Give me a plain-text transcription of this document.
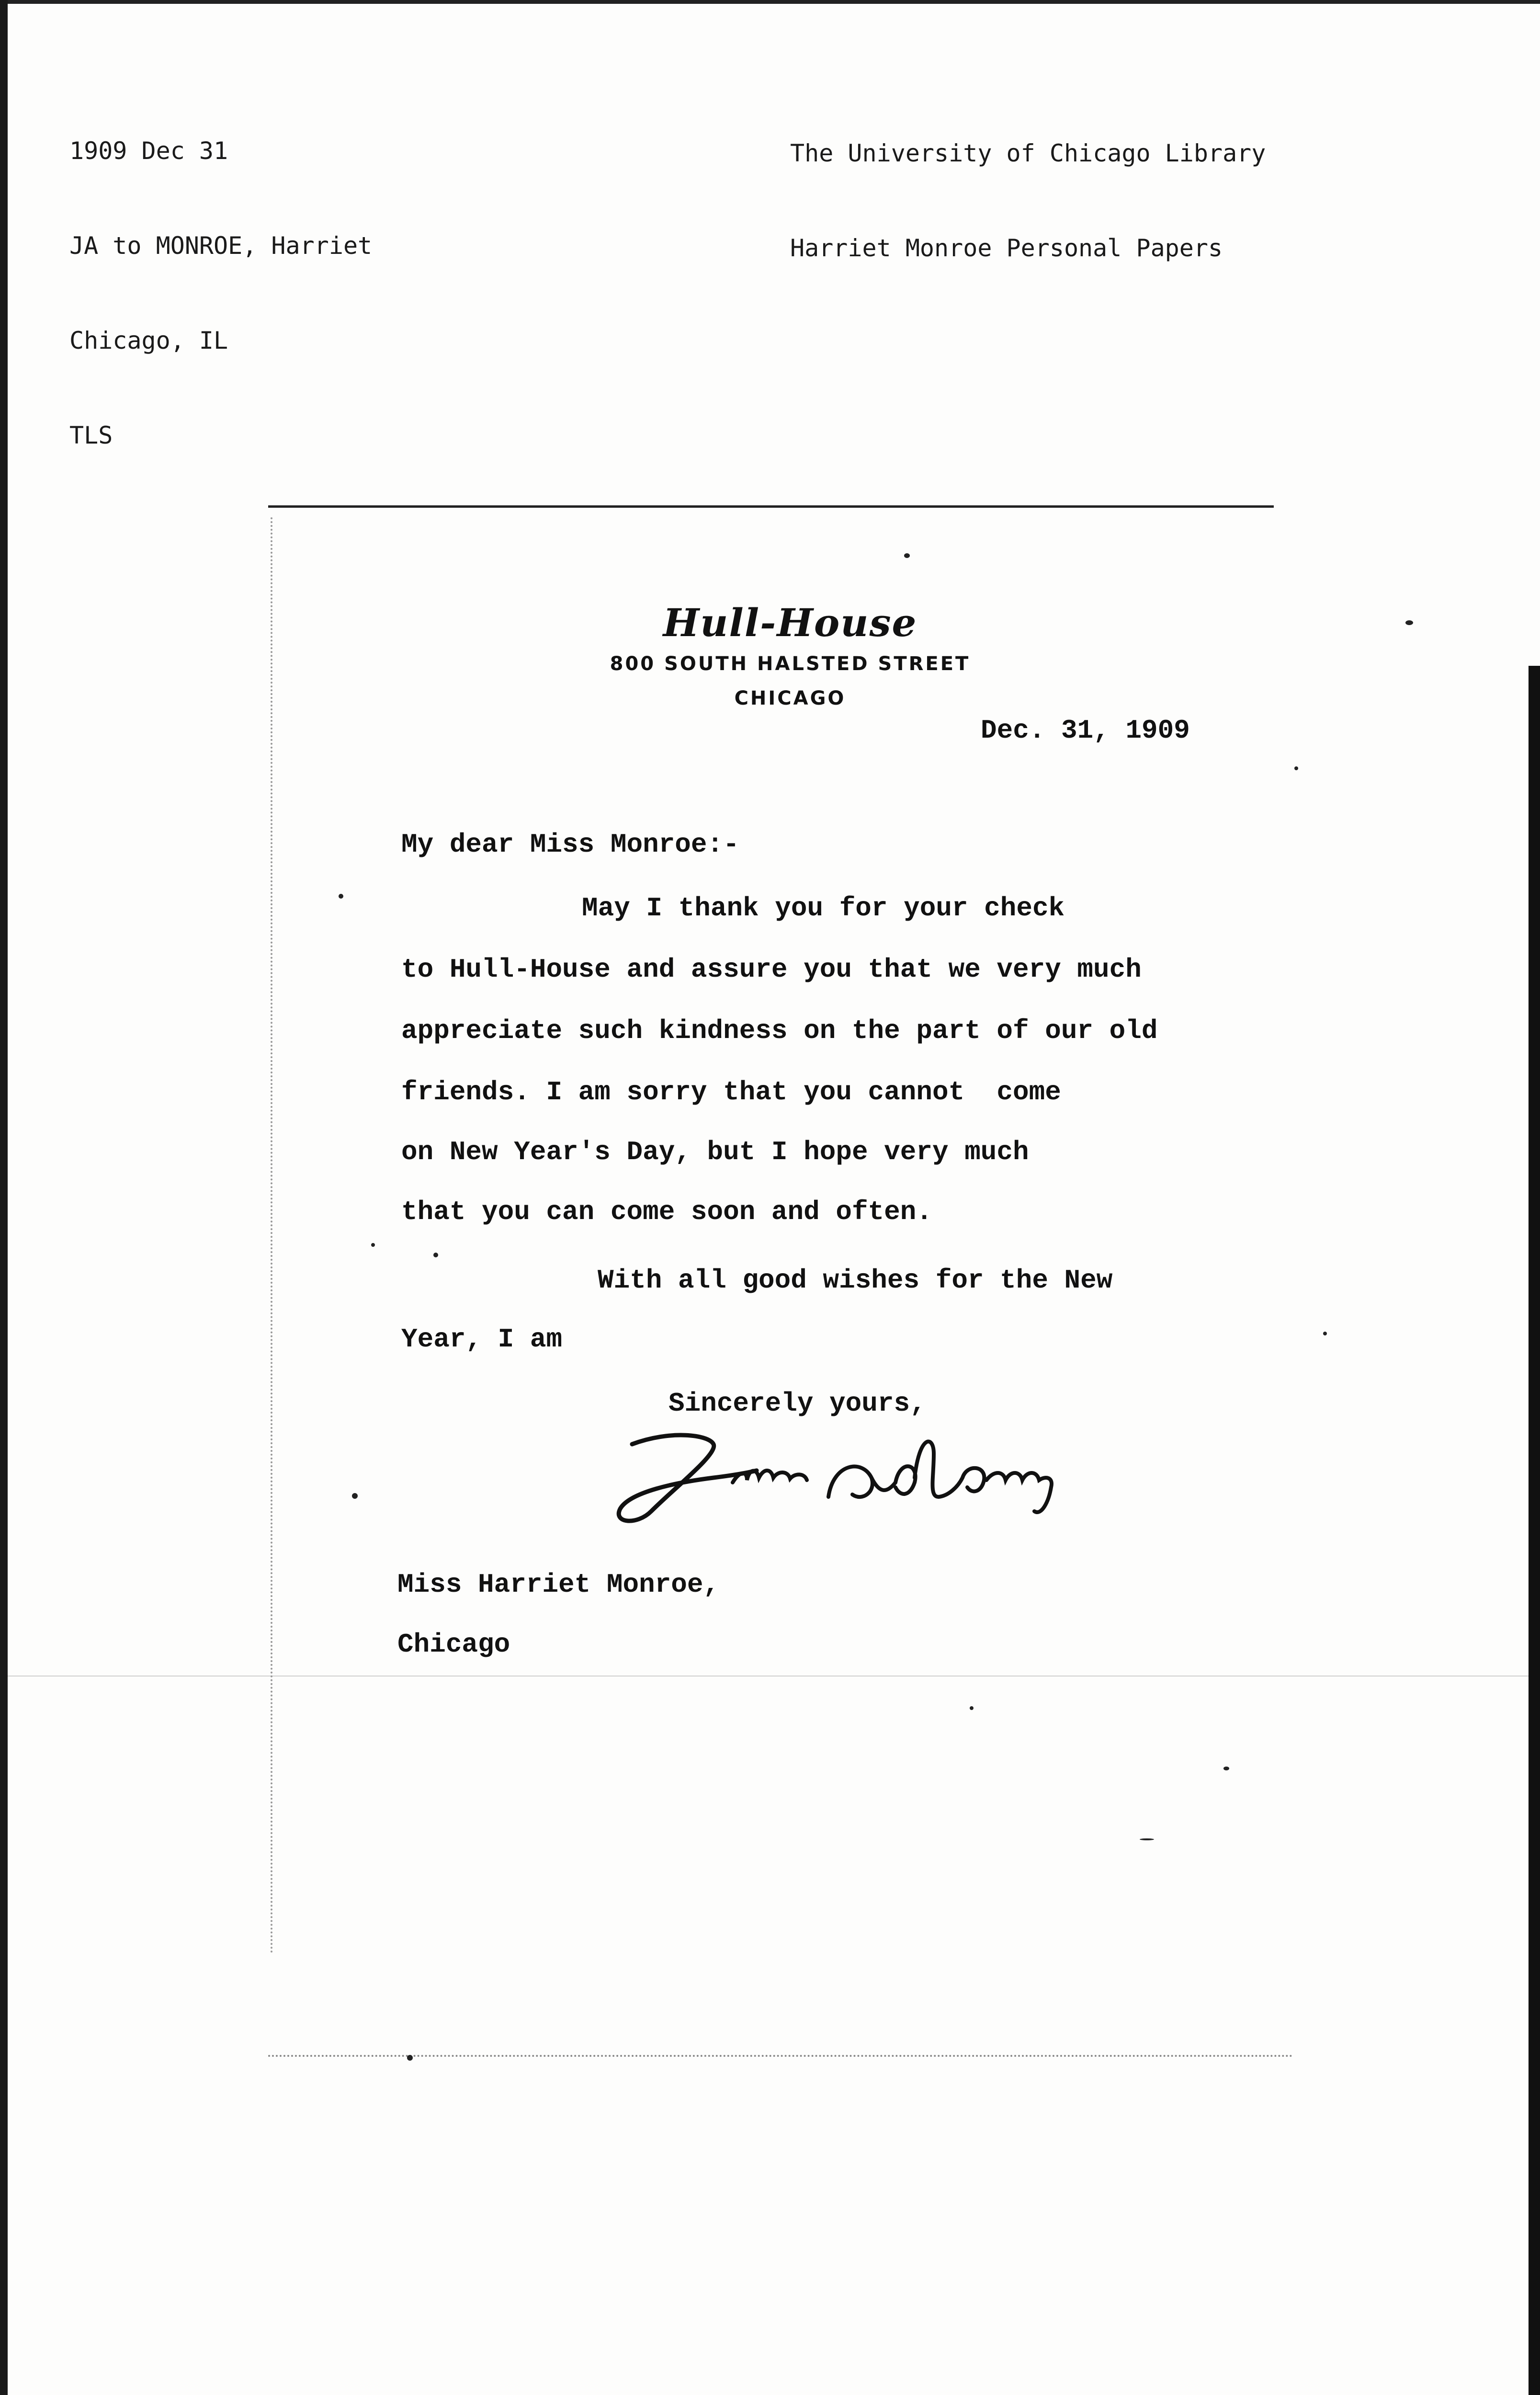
1909 Dec 31

JA to MONROE, Harriet

Chicago, IL

TLS

The University of Chicago Library

Harriet Monroe Personal Papers

Hull-House
800 SOUTH HALSTED STREET
CHICAGO
Dec. 31, 1909
My dear Miss Monroe:-
May I thank you for your check
to Hull-House and assure you that we very much
appreciate such kindness on the part of our old
friends. I am sorry that you cannot  come
on New Year's Day, but I hope very much
that you can come soon and often.
With all good wishes for the New
Year, I am
Sincerely yours,
Miss Harriet Monroe,
Chicago
